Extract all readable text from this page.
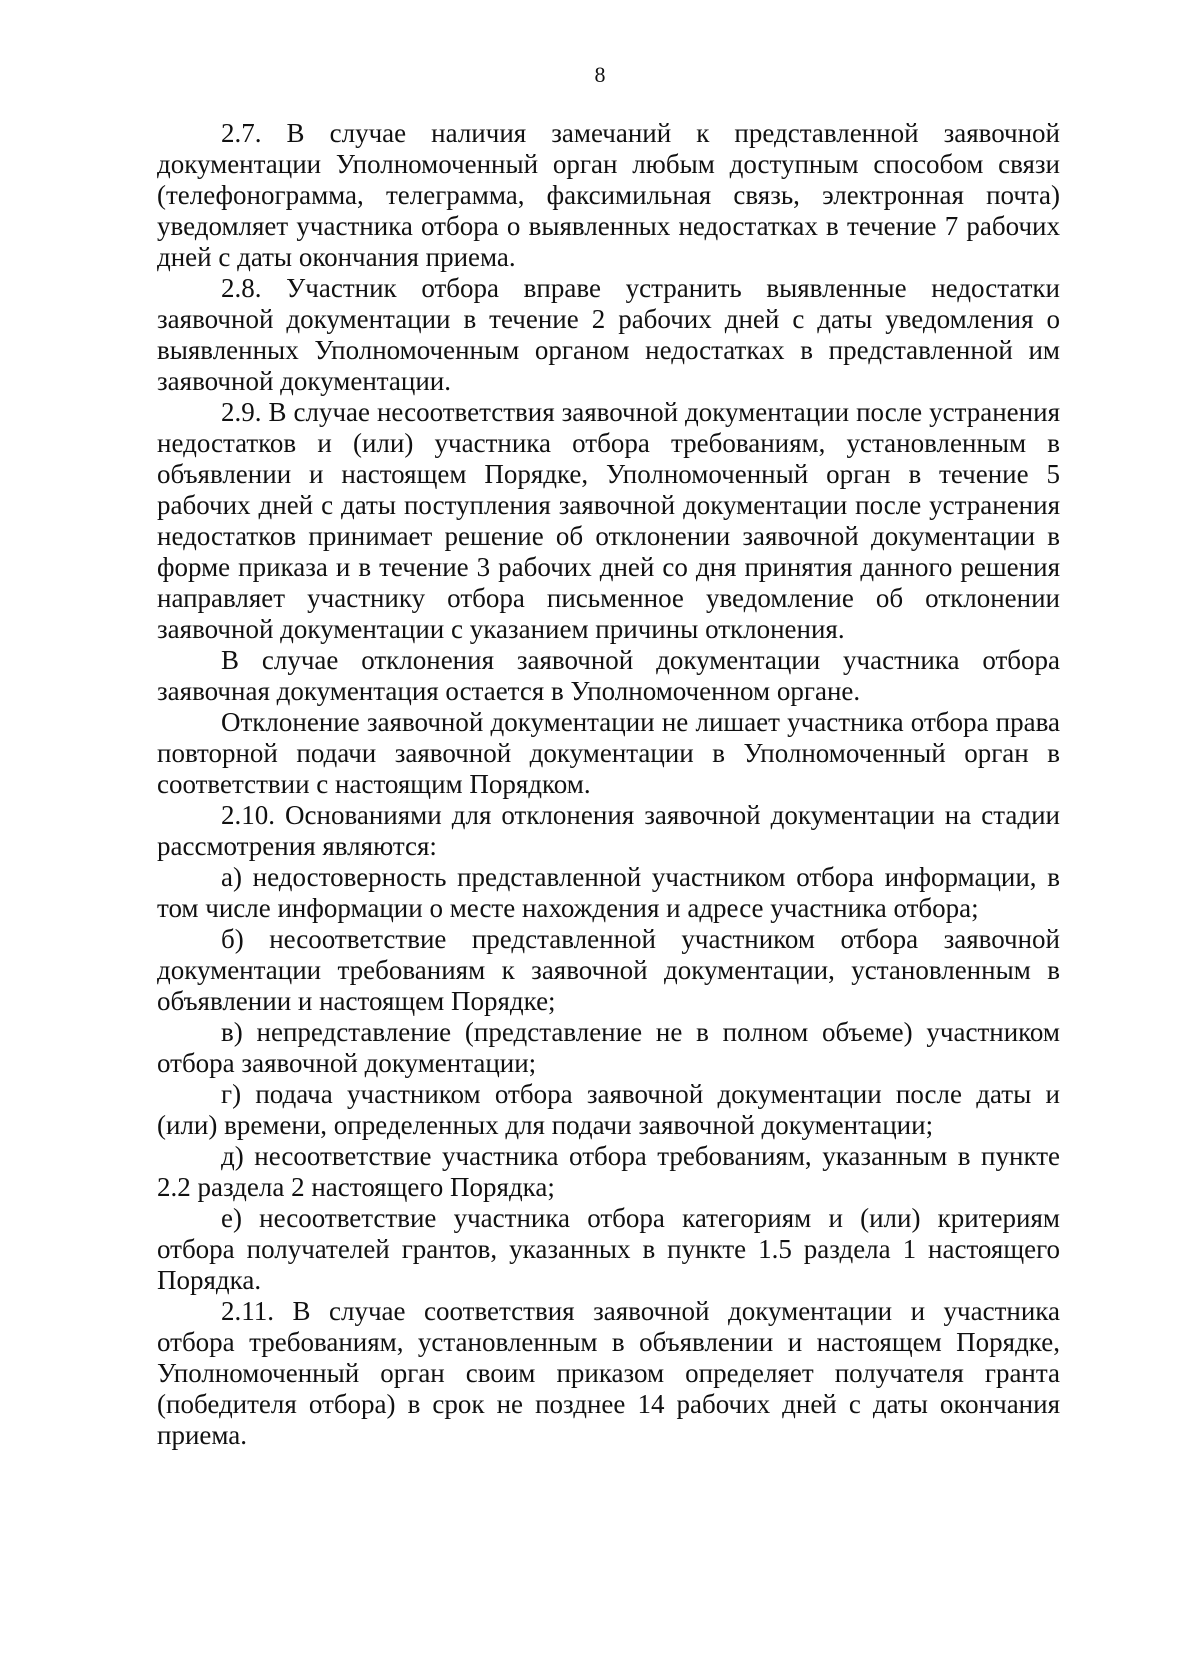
8

2.7. В случае наличия замечаний к представленной заявочной документации Уполномоченный орган любым доступным способом связи (телефонограмма, телеграмма, факсимильная связь, электронная почта) уведомляет участника отбора о выявленных недостатках в течение 7 рабочих дней с даты окончания приема.

2.8. Участник отбора вправе устранить выявленные недостатки заявочной документации в течение 2 рабочих дней с даты уведомления о выявленных Уполномоченным органом недостатках в представленной им заявочной документации.

2.9. В случае несоответствия заявочной документации после устранения недостатков и (или) участника отбора требованиям, установленным в объявлении и настоящем Порядке, Уполномоченный орган в течение 5 рабочих дней с даты поступления заявочной документации после устранения недостатков принимает решение об отклонении заявочной документации в форме приказа и в течение 3 рабочих дней со дня принятия данного решения направляет участнику отбора письменное уведомление об отклонении заявочной документации с указанием причины отклонения.

В случае отклонения заявочной документации участника отбора заявочная документация остается в Уполномоченном органе.

Отклонение заявочной документации не лишает участника отбора права повторной подачи заявочной документации в Уполномоченный орган в соответствии с настоящим Порядком.

2.10. Основаниями для отклонения заявочной документации на стадии рассмотрения являются:

а) недостоверность представленной участником отбора информации, в том числе информации о месте нахождения и адресе участника отбора;

б) несоответствие представленной участником отбора заявочной документации требованиям к заявочной документации, установленным в объявлении и настоящем Порядке;

в) непредставление (представление не в полном объеме) участником отбора заявочной документации;

г) подача участником отбора заявочной документации после даты и (или) времени, определенных для подачи заявочной документации;

д) несоответствие участника отбора требованиям, указанным в пункте 2.2 раздела 2 настоящего Порядка;

е) несоответствие участника отбора категориям и (или) критериям отбора получателей грантов, указанных в пункте 1.5 раздела 1 настоящего Порядка.

2.11. В случае соответствия заявочной документации и участника отбора требованиям, установленным в объявлении и настоящем Порядке, Уполномоченный орган своим приказом определяет получателя гранта (победителя отбора) в срок не позднее 14 рабочих дней с даты окончания приема.
